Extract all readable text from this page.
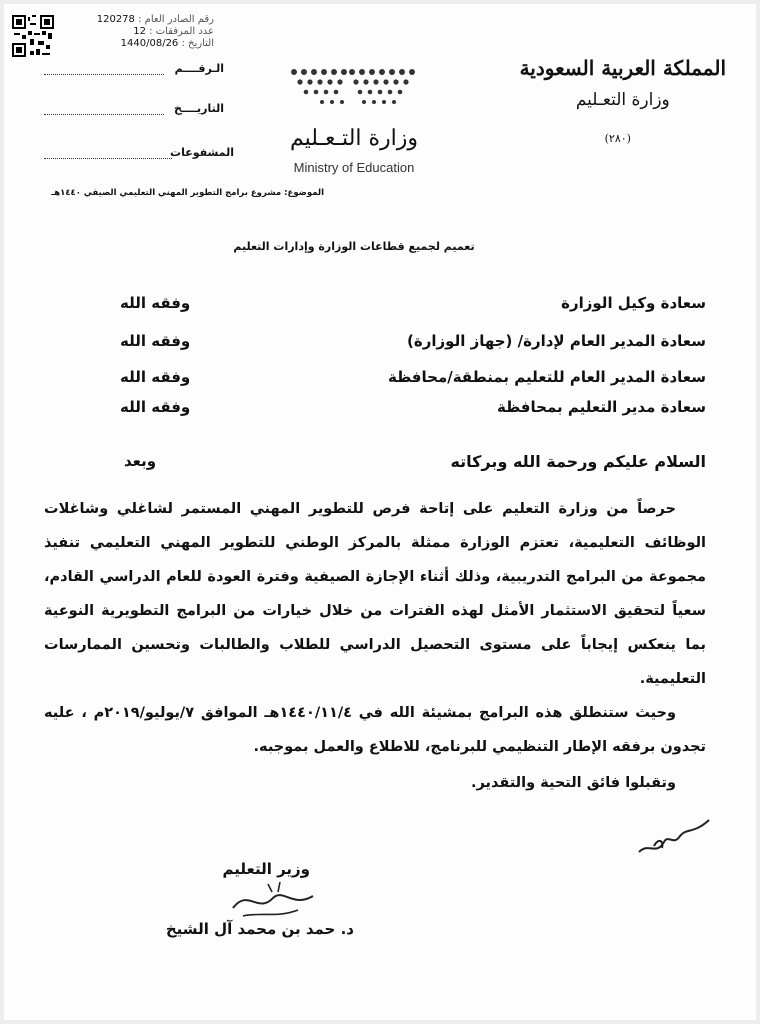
رقم الصادر العام : 120278
عدد المرفقات : 12
التاريخ : 1440/08/26
الـرقــــم
التاريــــخ
المشفوعات
المملكة العربية السعودية
وزارة التعـليم
(٢٨٠)
وزارة التـعـليم
Ministry of Education
الموضوع: مشروع برامج التطوير المهني التعليمي الصيفي ١٤٤٠هـ
تعميم لجميع قطاعات الوزارة وإدارات التعليم
سعادة وكيل الوزارة
وفقه الله
سعادة المدير العام لإدارة/ (جهاز الوزارة)
وفقه الله
سعادة المدير العام للتعليم بمنطقة/محافظة
وفقه الله
سعادة مدير التعليم بمحافظة
وفقه الله
السلام عليكم ورحمة الله وبركاته
وبعد

حرصاً من وزارة التعليم على إتاحة فرص للتطوير المهني المستمر لشاغلي وشاغلات الوظائف التعليمية، تعتزم الوزارة ممثلة بالمركز الوطني للتطوير المهني التعليمي تنفيذ مجموعة من البرامج التدريبية، وذلك أثناء الإجازة الصيفية وفترة العودة للعام الدراسي القادم، سعياً لتحقيق الاستثمار الأمثل لهذه الفترات من خلال خيارات من البرامج التطويرية النوعية بما ينعكس إيجاباً على مستوى التحصيل الدراسي للطلاب والطالبات وتحسين الممارسات التعليمية.

وحيث ستنطلق هذه البرامج بمشيئة الله في ١٤٤٠/١١/٤هـ الموافق ٧/يوليو/٢٠١٩م ، عليه تجدون برفقه الإطار التنظيمي للبرنامج، للاطلاع والعمل بموجبه.

وتقبلوا فائق التحية والتقدير.

وزير التعليم
د. حمد بن محمد آل الشيخ
